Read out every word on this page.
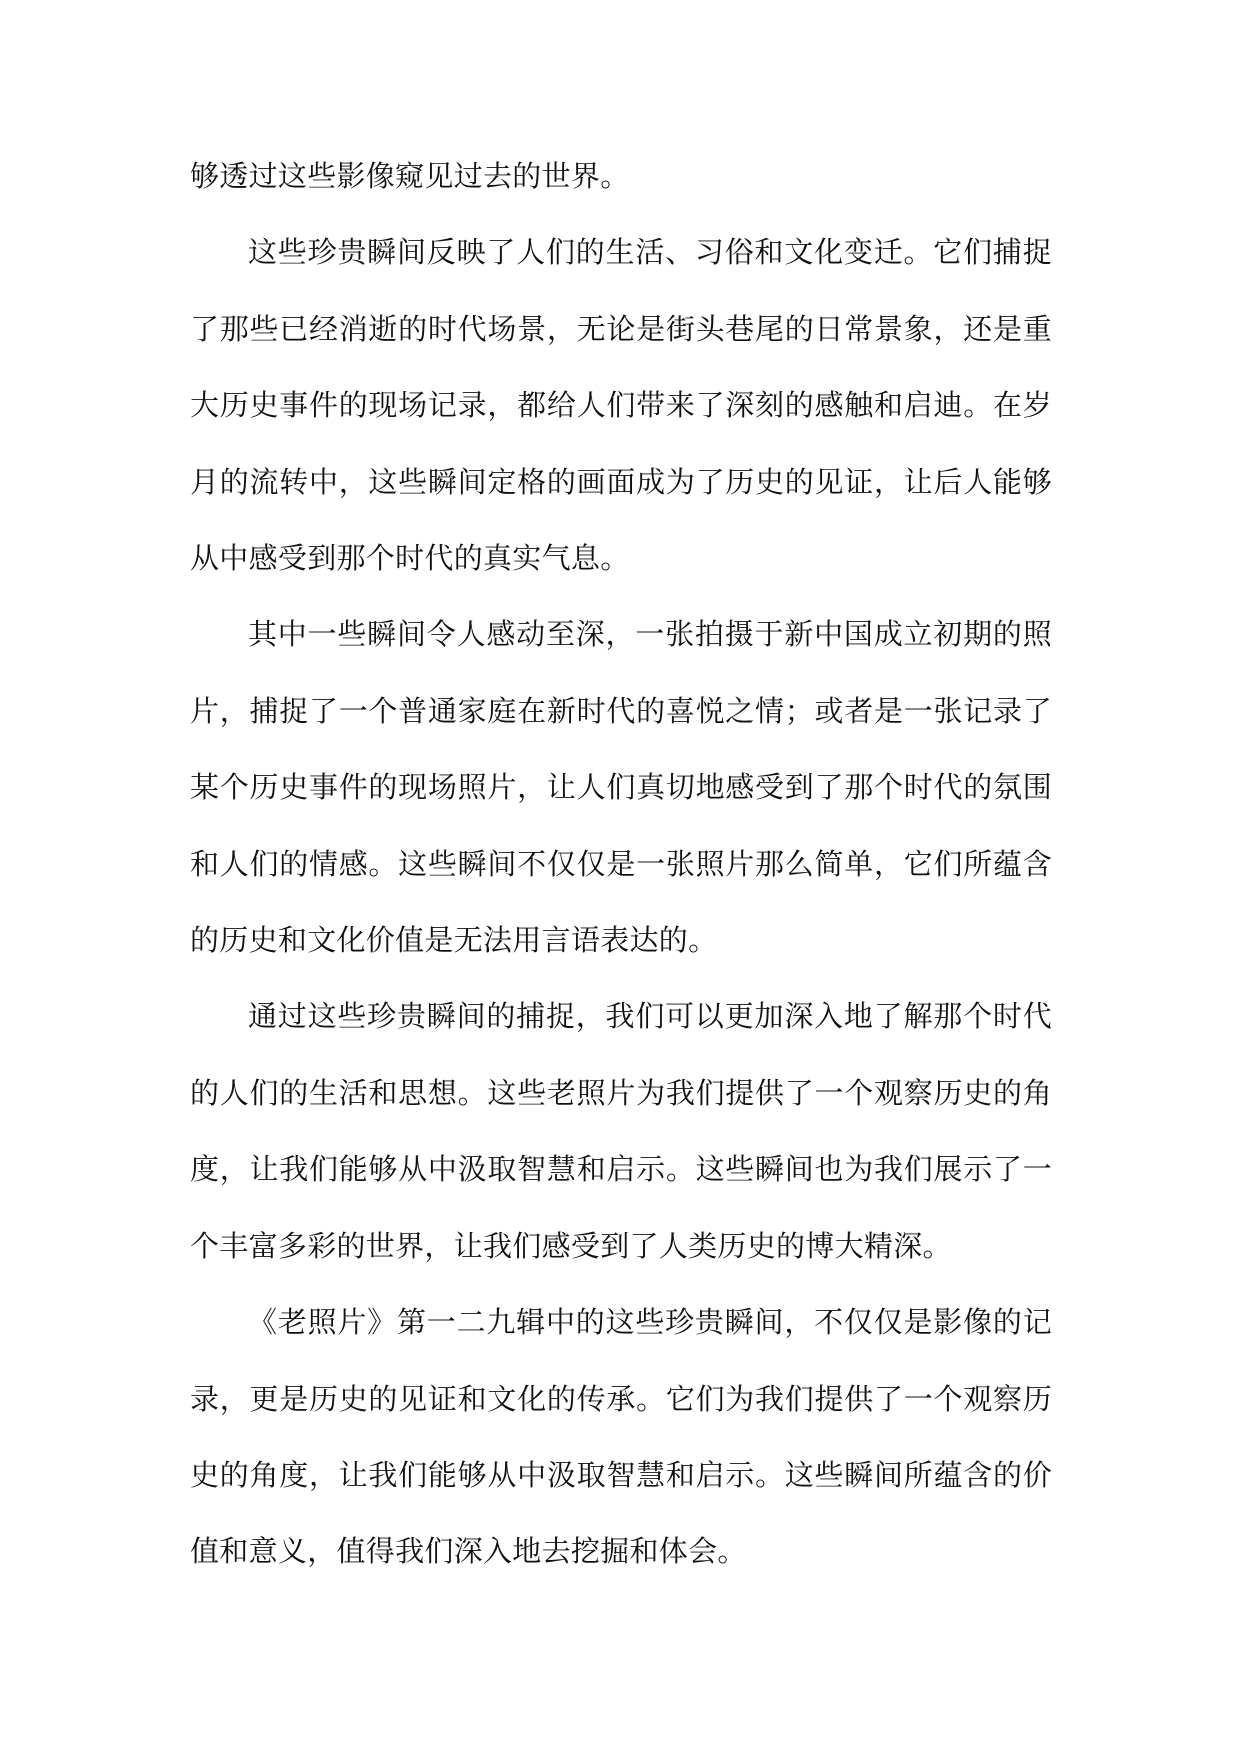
够透过这些影像窥见过去的世界。

这些珍贵瞬间反映了人们的生活、习俗和文化变迁。它们捕捉了那些已经消逝的时代场景，无论是街头巷尾的日常景象，还是重大历史事件的现场记录，都给人们带来了深刻的感触和启迪。在岁月的流转中，这些瞬间定格的画面成为了历史的见证，让后人能够从中感受到那个时代的真实气息。

其中一些瞬间令人感动至深，一张拍摄于新中国成立初期的照片，捕捉了一个普通家庭在新时代的喜悦之情；或者是一张记录了某个历史事件的现场照片，让人们真切地感受到了那个时代的氛围和人们的情感。这些瞬间不仅仅是一张照片那么简单，它们所蕴含的历史和文化价值是无法用言语表达的。

通过这些珍贵瞬间的捕捉，我们可以更加深入地了解那个时代的人们的生活和思想。这些老照片为我们提供了一个观察历史的角度，让我们能够从中汲取智慧和启示。这些瞬间也为我们展示了一个丰富多彩的世界，让我们感受到了人类历史的博大精深。

《老照片》第一二九辑中的这些珍贵瞬间，不仅仅是影像的记录，更是历史的见证和文化的传承。它们为我们提供了一个观察历史的角度，让我们能够从中汲取智慧和启示。这些瞬间所蕴含的价值和意义，值得我们深入地去挖掘和体会。
